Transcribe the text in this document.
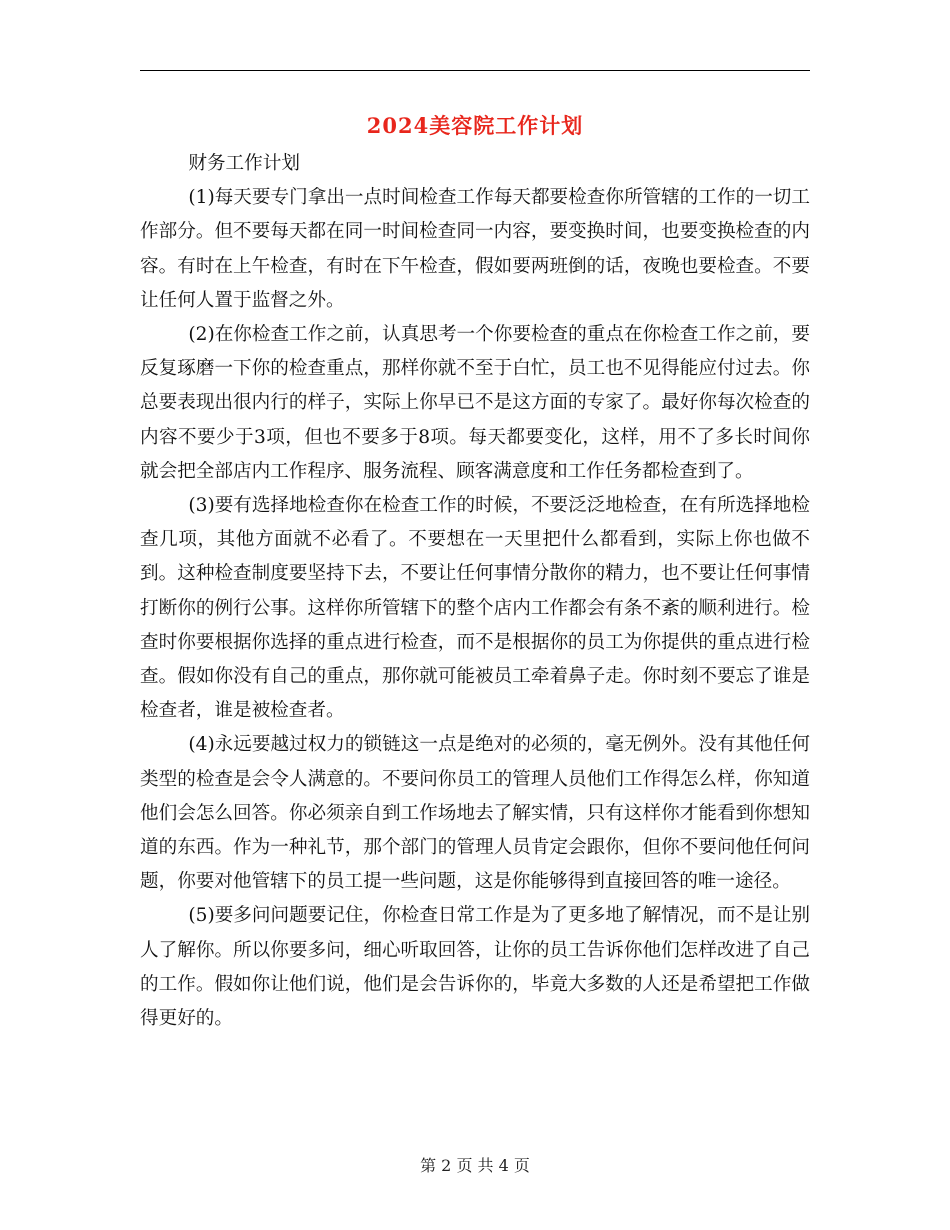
2024美容院工作计划

财务工作计划

(1)每天要专门拿出一点时间检查工作每天都要检查你所管辖的工作的一切工作部分。但不要每天都在同一时间检查同一内容，要变换时间，也要变换检查的内容。有时在上午检查，有时在下午检查，假如要两班倒的话，夜晚也要检查。不要让任何人置于监督之外。

(2)在你检查工作之前，认真思考一个你要检查的重点在你检查工作之前，要反复琢磨一下你的检查重点，那样你就不至于白忙，员工也不见得能应付过去。你总要表现出很内行的样子，实际上你早已不是这方面的专家了。最好你每次检查的内容不要少于3项，但也不要多于8项。每天都要变化，这样，用不了多长时间你就会把全部店内工作程序、服务流程、顾客满意度和工作任务都检查到了。

(3)要有选择地检查你在检查工作的时候，不要泛泛地检查，在有所选择地检查几项，其他方面就不必看了。不要想在一天里把什么都看到，实际上你也做不到。这种检查制度要坚持下去，不要让任何事情分散你的精力，也不要让任何事情打断你的例行公事。这样你所管辖下的整个店内工作都会有条不紊的顺利进行。检查时你要根据你选择的重点进行检查，而不是根据你的员工为你提供的重点进行检查。假如你没有自己的重点，那你就可能被员工牵着鼻子走。你时刻不要忘了谁是检查者，谁是被检查者。

(4)永远要越过权力的锁链这一点是绝对的必须的，毫无例外。没有其他任何类型的检查是会令人满意的。不要问你员工的管理人员他们工作得怎么样，你知道他们会怎么回答。你必须亲自到工作场地去了解实情，只有这样你才能看到你想知道的东西。作为一种礼节，那个部门的管理人员肯定会跟你，但你不要问他任何问题，你要对他管辖下的员工提一些问题，这是你能够得到直接回答的唯一途径。

(5)要多问问题要记住，你检查日常工作是为了更多地了解情况，而不是让别人了解你。所以你要多问，细心听取回答，让你的员工告诉你他们怎样改进了自己的工作。假如你让他们说，他们是会告诉你的，毕竟大多数的人还是希望把工作做得更好的。

第 2 页 共 4 页
